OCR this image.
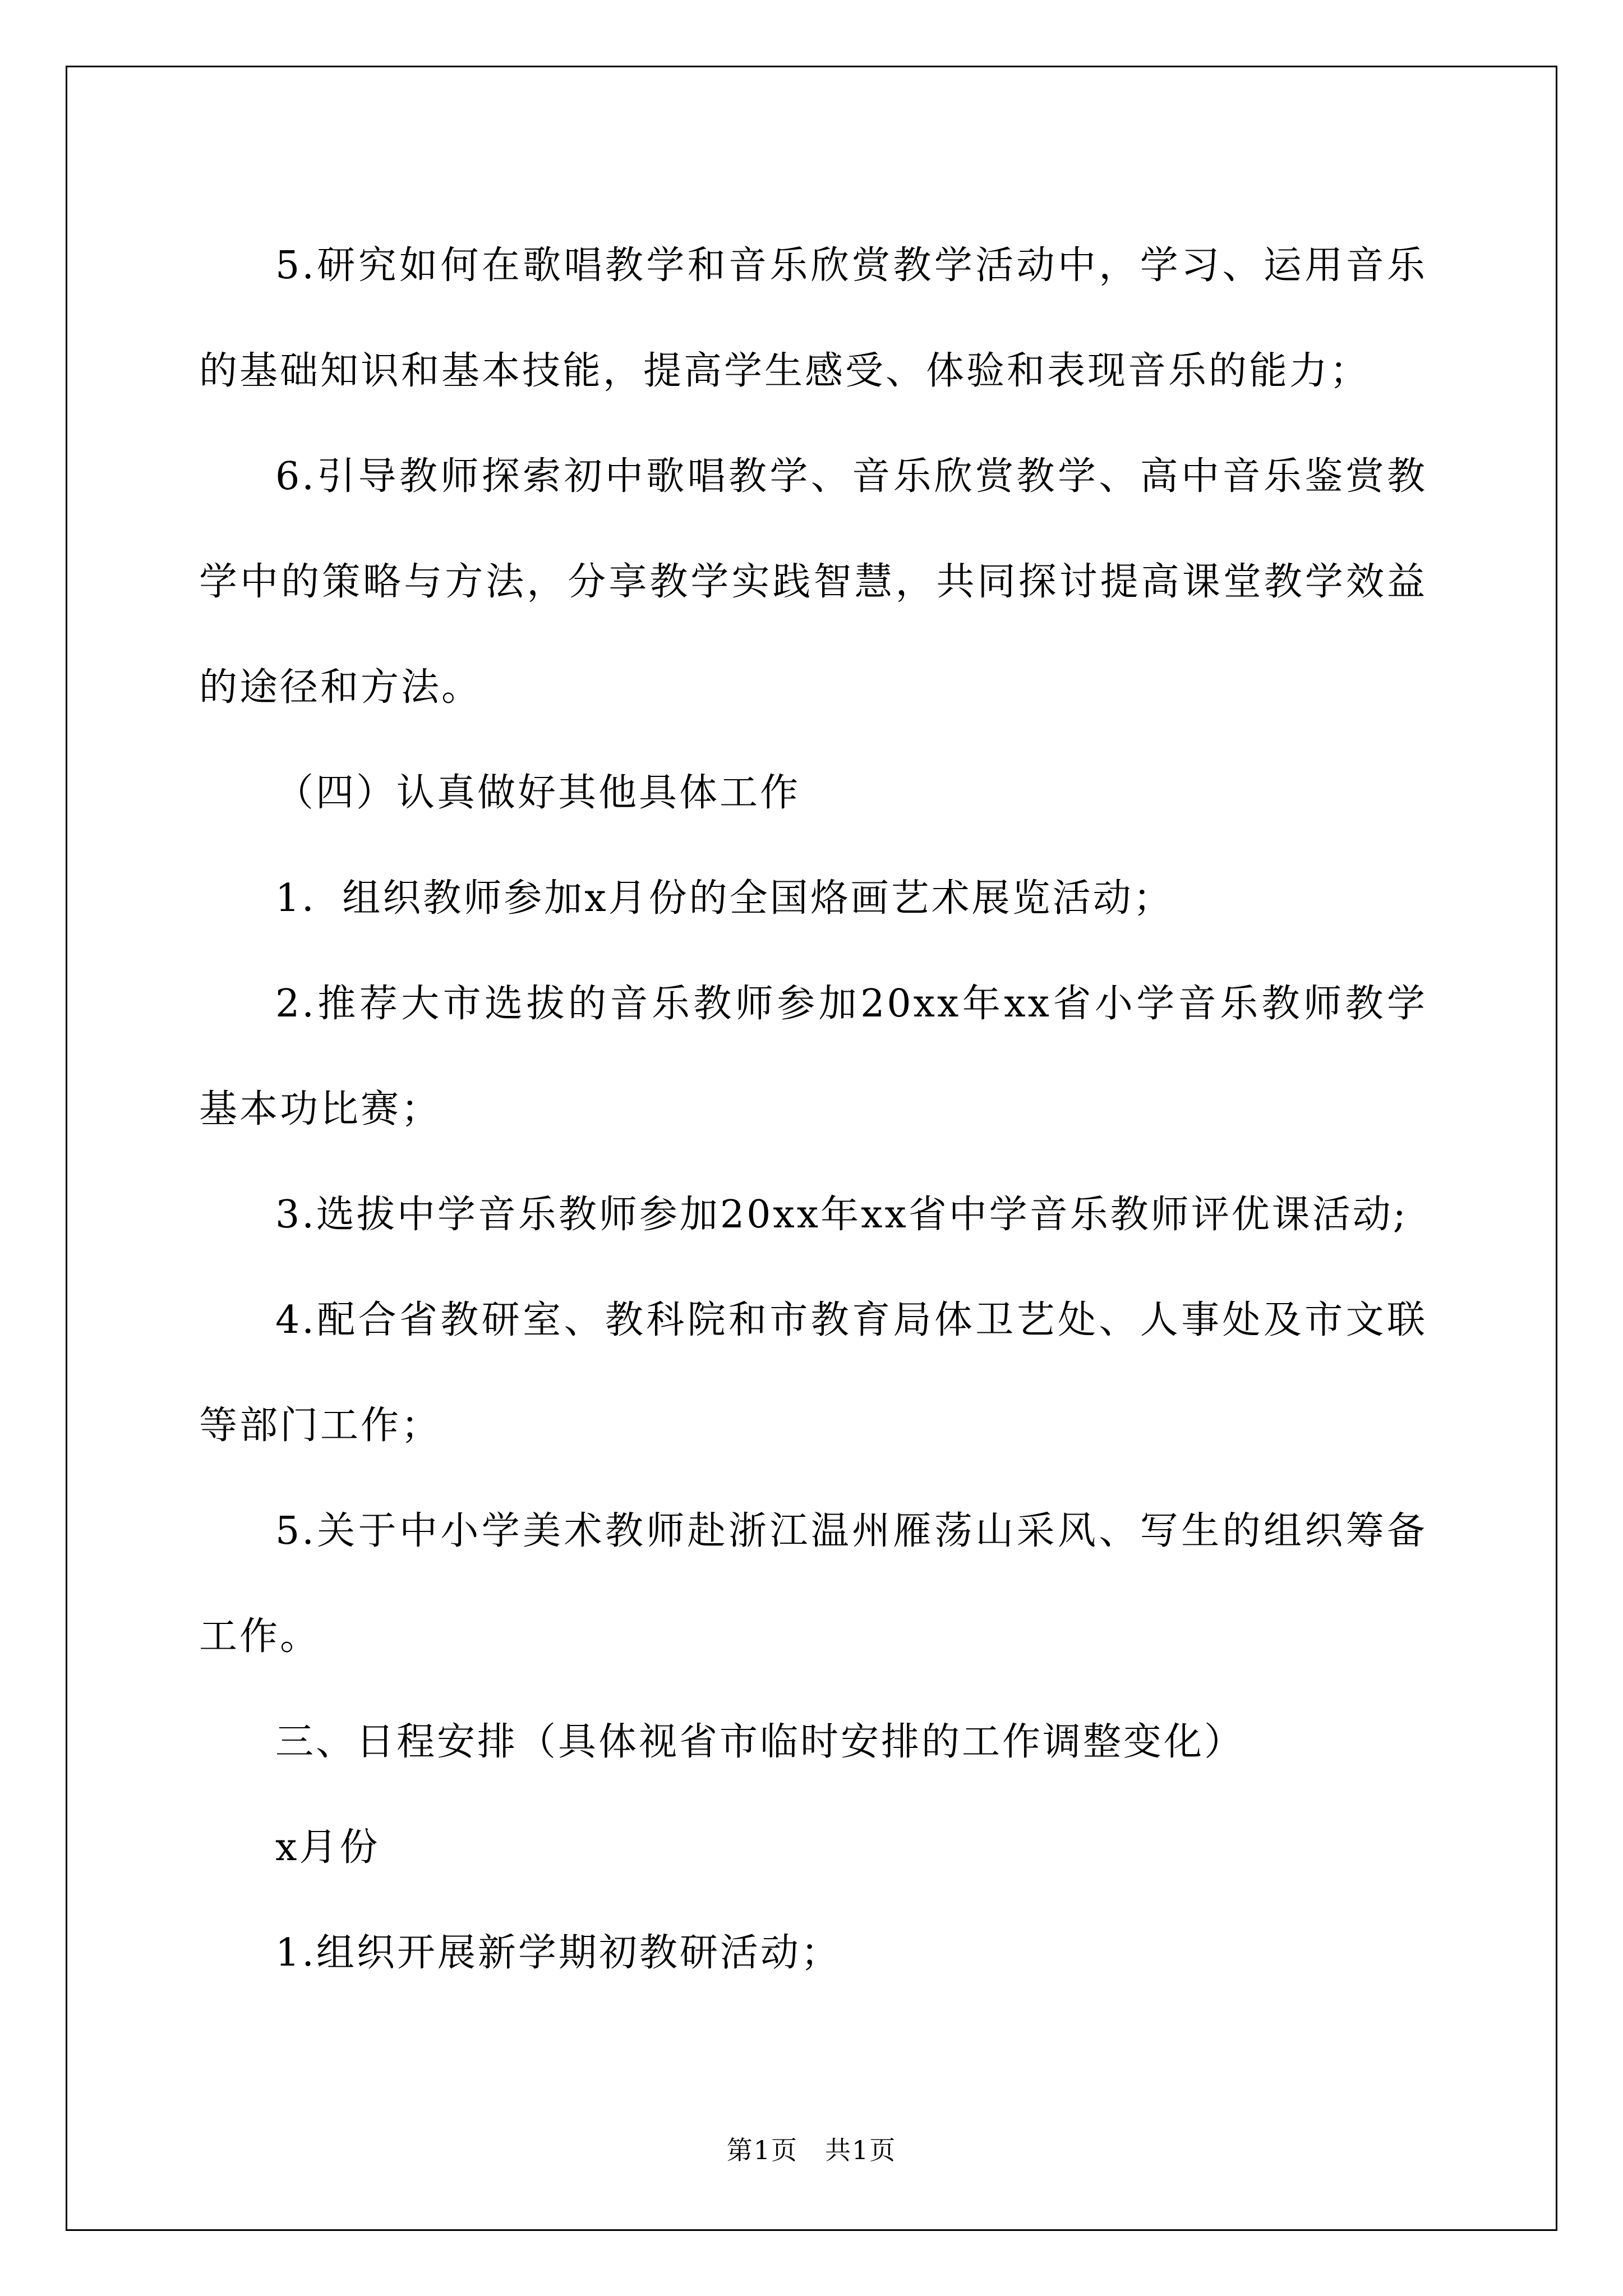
5.研究如何在歌唱教学和音乐欣赏教学活动中，学习、运用音乐的基础知识和基本技能，提高学生感受、体验和表现音乐的能力；

6.引导教师探索初中歌唱教学、音乐欣赏教学、高中音乐鉴赏教学中的策略与方法，分享教学实践智慧，共同探讨提高课堂教学效益的途径和方法。

（四）认真做好其他具体工作

1．组织教师参加x月份的全国烙画艺术展览活动；

2.推荐大市选拔的音乐教师参加20xx年xx省小学音乐教师教学基本功比赛；

3.选拔中学音乐教师参加20xx年xx省中学音乐教师评优课活动;

4.配合省教研室、教科院和市教育局体卫艺处、人事处及市文联等部门工作；

5.关于中小学美术教师赴浙江温州雁荡山采风、写生的组织筹备工作。

三、日程安排（具体视省市临时安排的工作调整变化）

x月份

1.组织开展新学期初教研活动；

第1页　共1页
